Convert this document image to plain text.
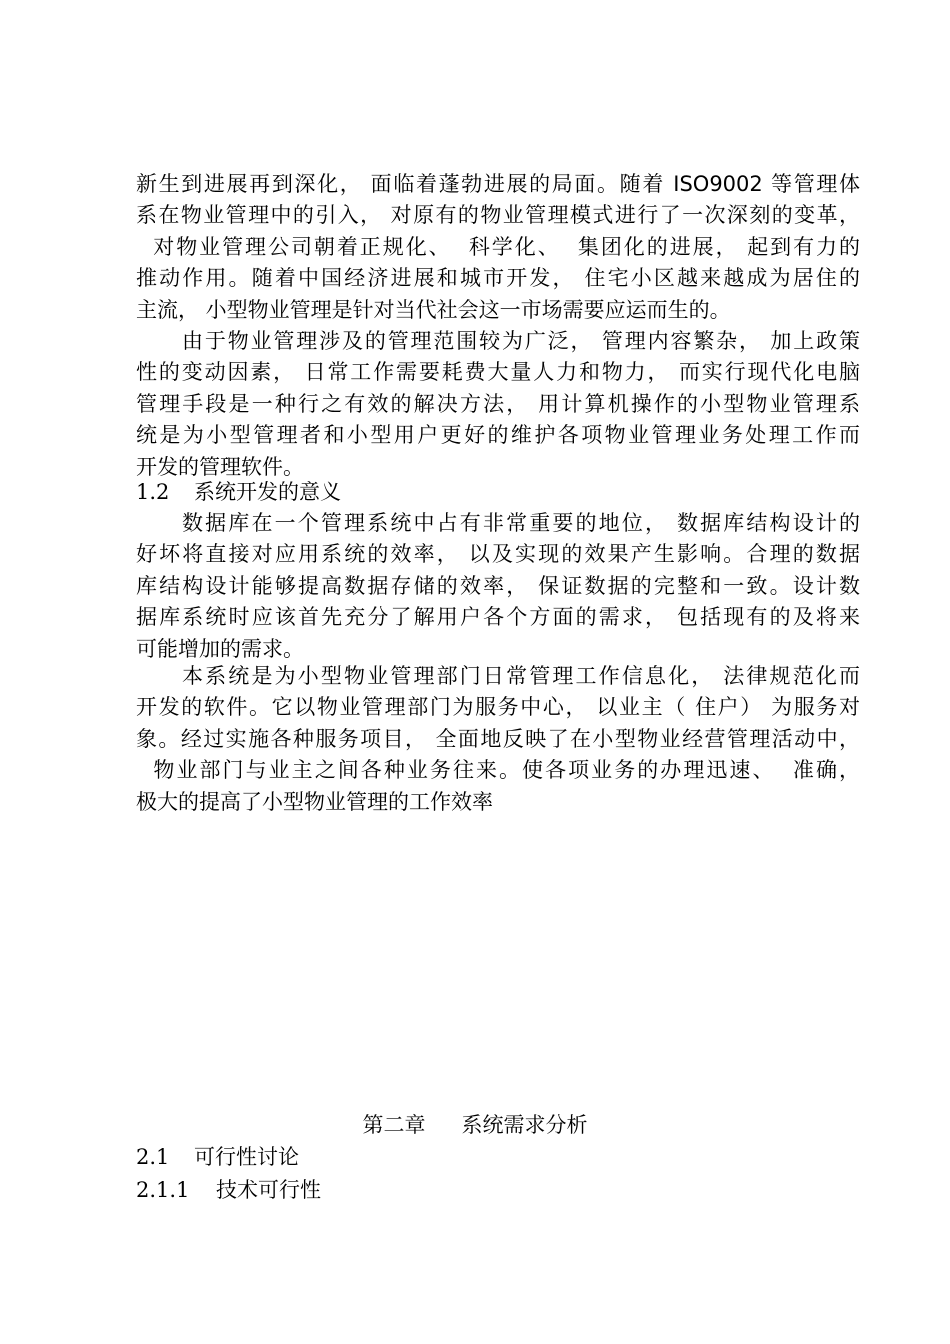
新生到进展再到深化， 面临着蓬勃进展的局面。随着 ISO9002 等管理体
系在物业管理中的引入， 对原有的物业管理模式进行了一次深刻的变革，
对物业管理公司朝着正规化、  科学化、  集团化的进展， 起到有力的
推动作用。随着中国经济进展和城市开发， 住宅小区越来越成为居住的
主流， 小型物业管理是针对当代社会这一市场需要应运而生的。
由于物业管理涉及的管理范围较为广泛， 管理内容繁杂， 加上政策
性的变动因素， 日常工作需要耗费大量人力和物力， 而实行现代化电脑
管理手段是一种行之有效的解决方法， 用计算机操作的小型物业管理系
统是为小型管理者和小型用户更好的维护各项物业管理业务处理工作而
开发的管理软件。
1.2 系统开发的意义
数据库在一个管理系统中占有非常重要的地位， 数据库结构设计的
好坏将直接对应用系统的效率， 以及实现的效果产生影响。合理的数据
库结构设计能够提高数据存储的效率， 保证数据的完整和一致。设计数
据库系统时应该首先充分了解用户各个方面的需求， 包括现有的及将来
可能增加的需求。
本系统是为小型物业管理部门日常管理工作信息化， 法律规范化而
开发的软件。它以物业管理部门为服务中心， 以业主（ 住户） 为服务对
象。经过实施各种服务项目， 全面地反映了在小型物业经营管理活动中，
物业部门与业主之间各种业务往来。使各项业务的办理迅速、  准确，
极大的提高了小型物业管理的工作效率
第二章 系统需求分析
2.1 可行性讨论
2.1.1 技术可行性
